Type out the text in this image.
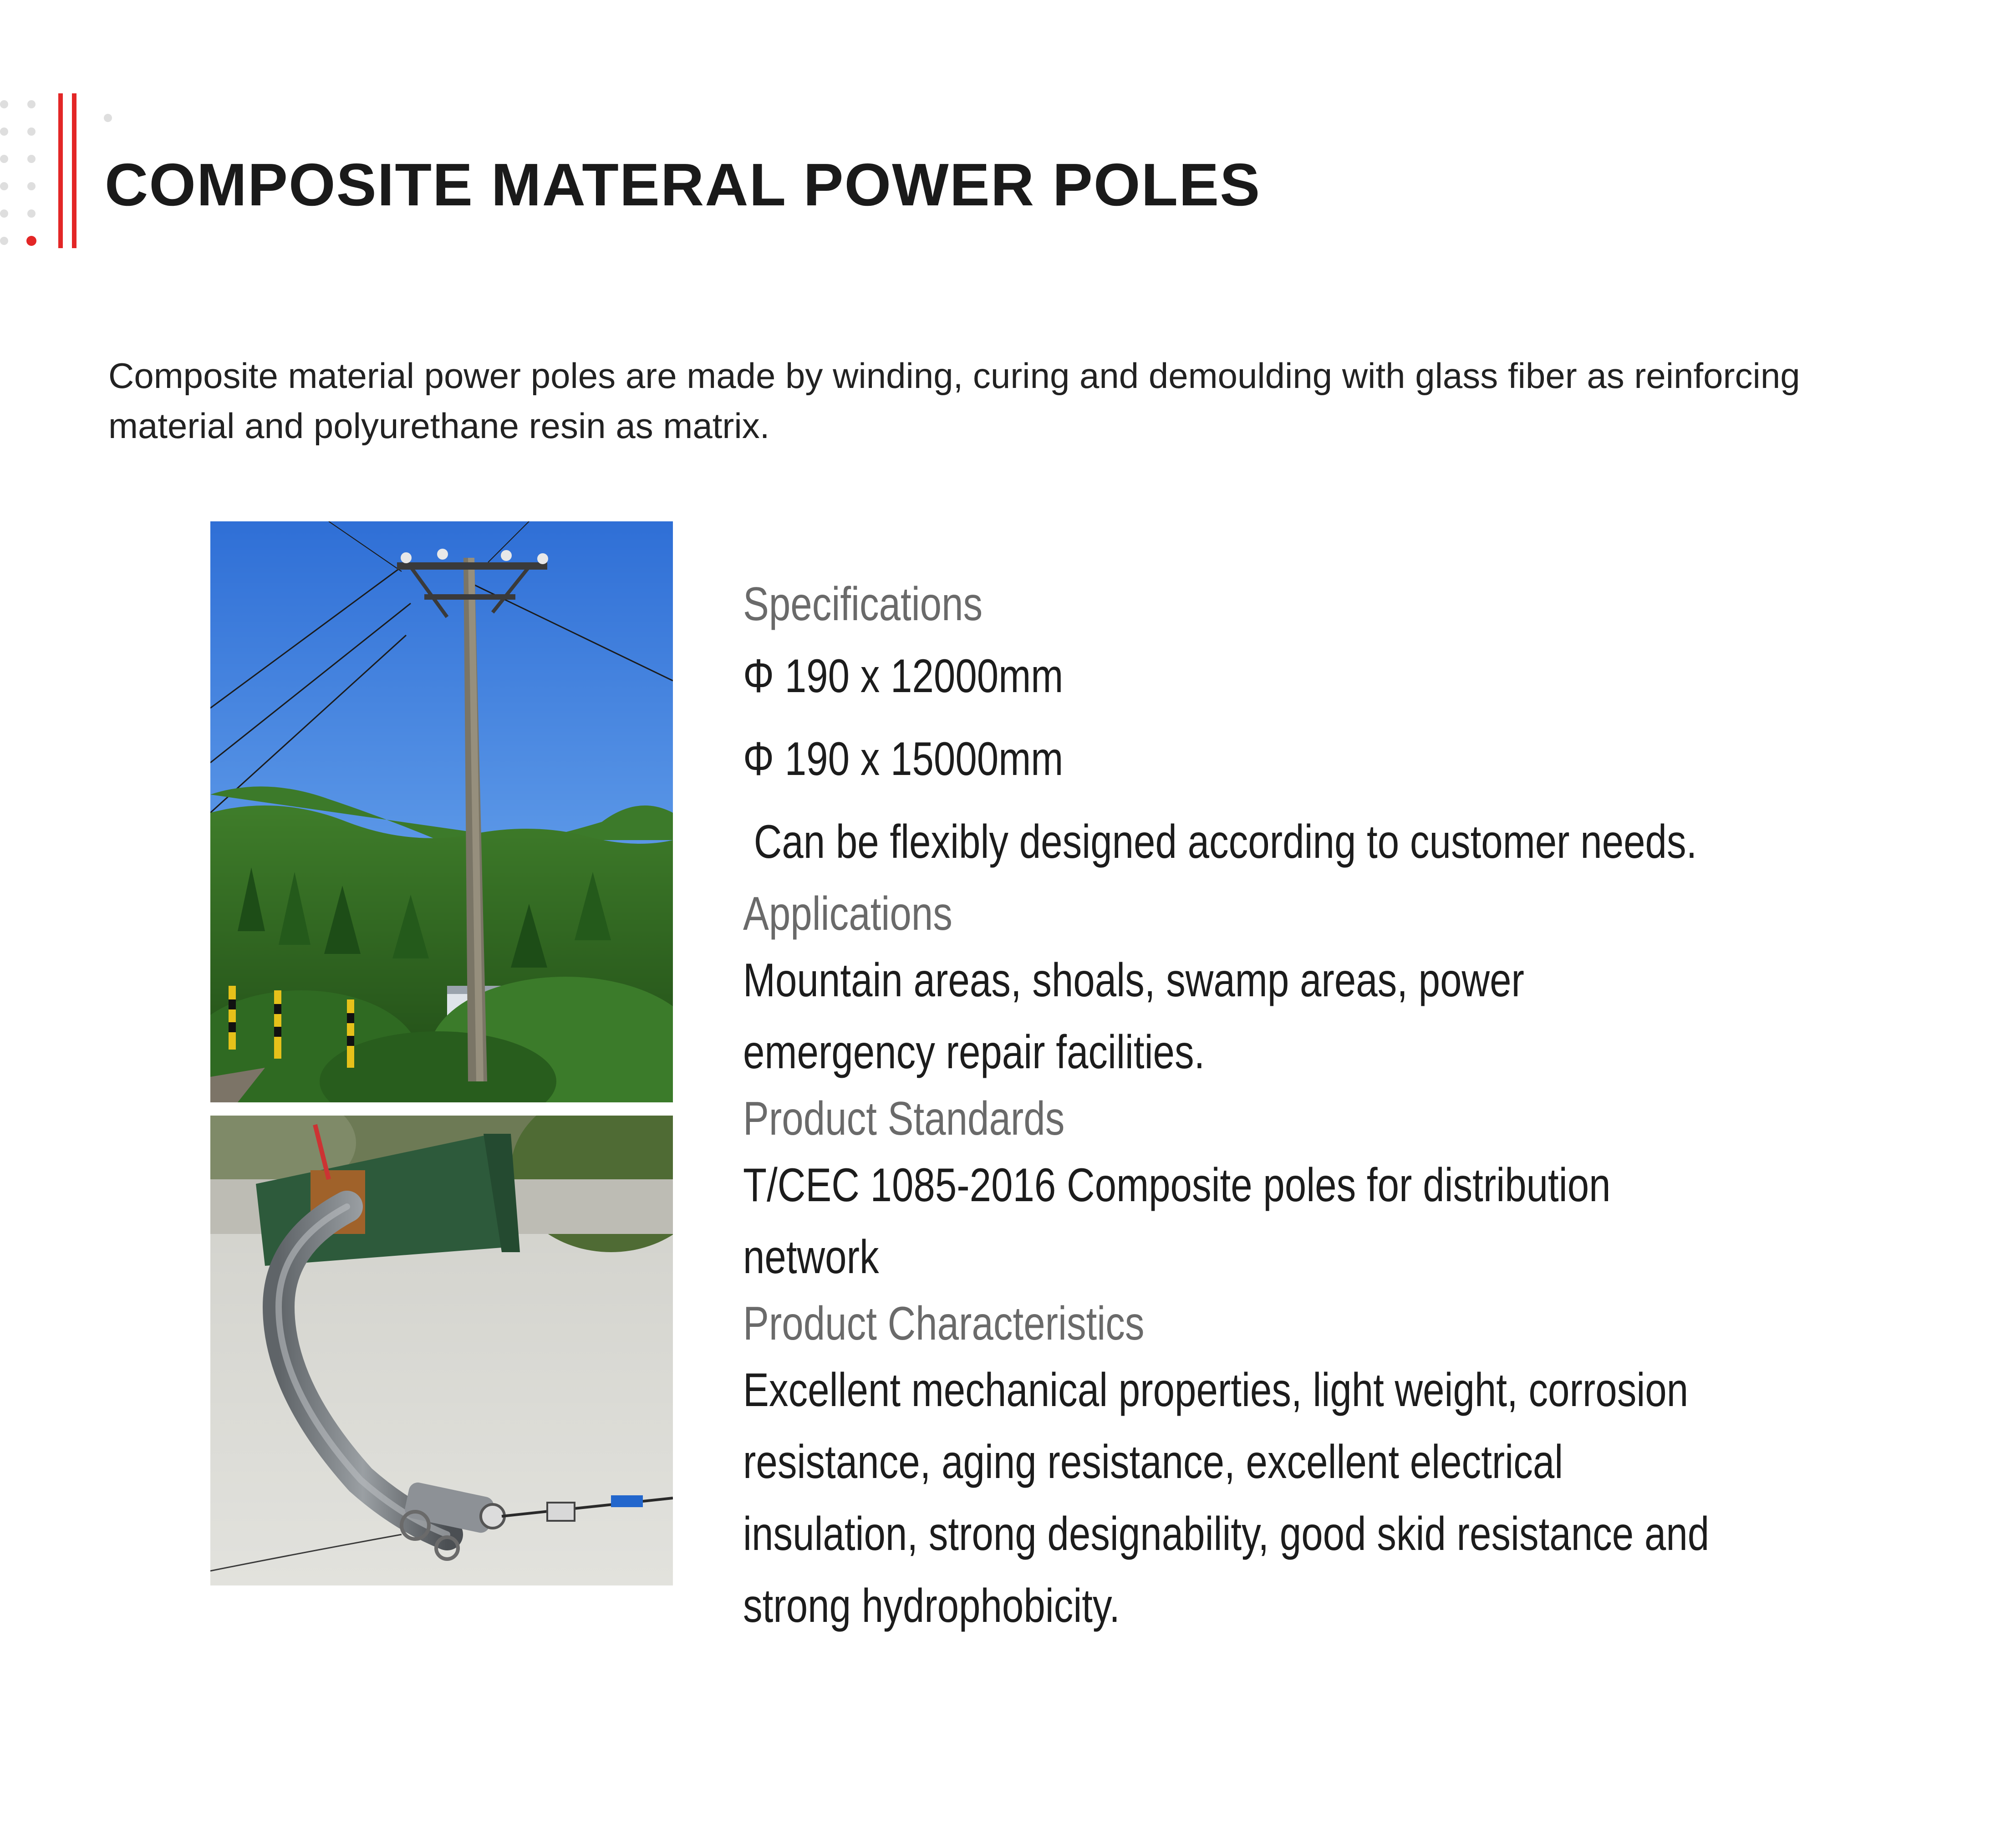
COMPOSITE MATERAL POWER POLES

Composite material power poles are made by winding, curing and demoulding with glass fiber as reinforcing material and polyurethane resin as matrix.

Specifications
Φ 190 x 12000mm
Φ 190 x 15000mm
Can be flexibly designed according to customer needs.
Applications
Mountain areas, shoals, swamp areas, power emergency repair facilities.
Product Standards
T/CEC 1085-2016 Composite poles for distribution network
Product Characteristics
Excellent mechanical properties, light weight, corrosion resistance, aging resistance, excellent electrical insulation, strong designability, good skid resistance and strong hydrophobicity.
